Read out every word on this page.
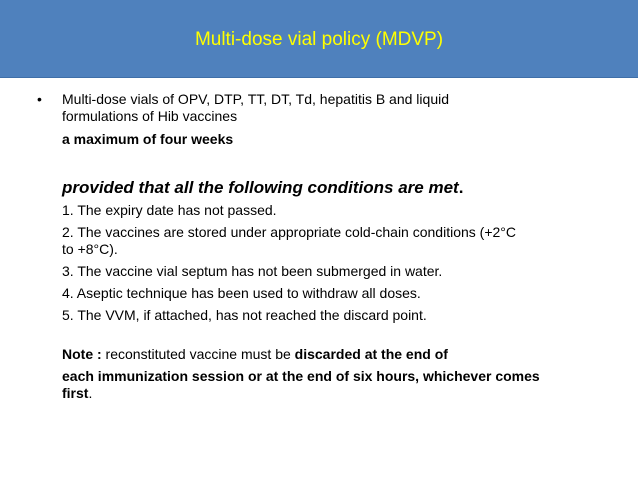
Multi-dose vial policy (MDVP)
• Multi-dose vials of OPV, DTP, TT, DT, Td, hepatitis B and liquid
formulations of Hib vaccines
a maximum of four weeks
provided that all the following conditions are met.
1. The expiry date has not passed.
2. The vaccines are stored under appropriate cold-chain conditions (+2°C
to +8°C).
3. The vaccine vial septum has not been submerged in water.
4. Aseptic technique has been used to withdraw all doses.
5. The VVM, if attached, has not reached the discard point.
Note : reconstituted vaccine must be discarded at the end of
each immunization session or at the end of six hours, whichever comes
first.
